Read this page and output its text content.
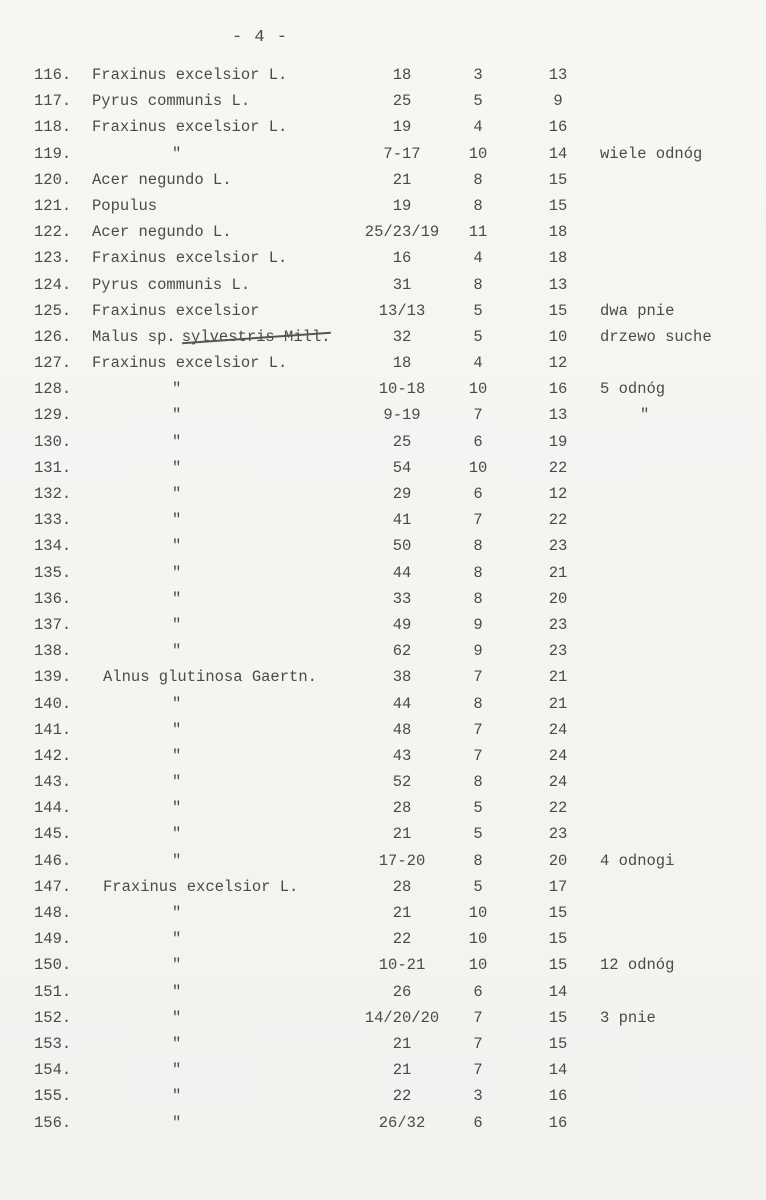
- 4 -
116.	Fraxinus excelsior L.	18	3	13
117.	Pyrus communis L.	25	5	9
118.	Fraxinus excelsior L.	19	4	16
119.	"	7-17	10	14	wiele odnóg
120.	Acer negundo L.	21	8	15
121.	Populus	19	8	15
122.	Acer negundo L.	25/23/19	11	18
123.	Fraxinus excelsior L.	16	4	18
124.	Pyrus communis L.	31	8	13
125.	Fraxinus excelsior	13/13	5	15	dwa pnie
126.	Malus sp. sylvestris Mill.	32	5	10	drzewo suche
127.	Fraxinus excelsior L.	18	4	12
128.	"	10-18	10	16	5 odnóg
129.	"	9-19	7	13	"
130.	"	25	6	19
131.	"	54	10	22
132.	"	29	6	12
133.	"	41	7	22
134.	"	50	8	23
135.	"	44	8	21
136.	"	33	8	20
137.	"	49	9	23
138.	"	62	9	23
139.	Alnus glutinosa Gaertn.	38	7	21
140.	"	44	8	21
141.	"	48	7	24
142.	"	43	7	24
143.	"	52	8	24
144.	"	28	5	22
145.	"	21	5	23
146.	"	17-20	8	20	4 odnogi
147.	Fraxinus excelsior L.	28	5	17
148.	"	21	10	15
149.	"	22	10	15
150.	"	10-21	10	15	12 odnóg
151.	"	26	6	14
152.	"	14/20/20	7	15	3 pnie
153.	"	21	7	15
154.	"	21	7	14
155.	"	22	3	16
156.	"	26/32	6	16
